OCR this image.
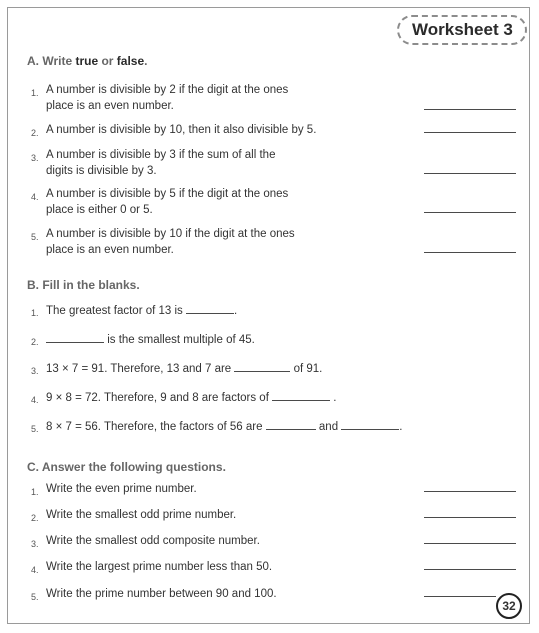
Worksheet 3
A. Write true or false.
1. A number is divisible by 2 if the digit at the ones
place is an even number.
2. A number is divisible by 10, then it also divisible by 5.
3. A number is divisible by 3 if the sum of all the
digits is divisible by 3.
4. A number is divisible by 5 if the digit at the ones
place is either 0 or 5.
5. A number is divisible by 10 if the digit at the ones
place is an even number.
B. Fill in the blanks.
1. The greatest factor of 13 is	.
2.	is the smallest multiple of 45.
3. 13 × 7 = 91. Therefore, 13 and 7 are	of 91.
4. 9 × 8 = 72. Therefore, 9 and 8 are factors of	.
5. 8 × 7 = 56. Therefore, the factors of 56 are	and	.
C. Answer the following questions.
1. Write the even prime number.
2. Write the smallest odd prime number.
3. Write the smallest odd composite number.
4. Write the largest prime number less than 50.
5. Write the prime number between 90 and 100.
32
